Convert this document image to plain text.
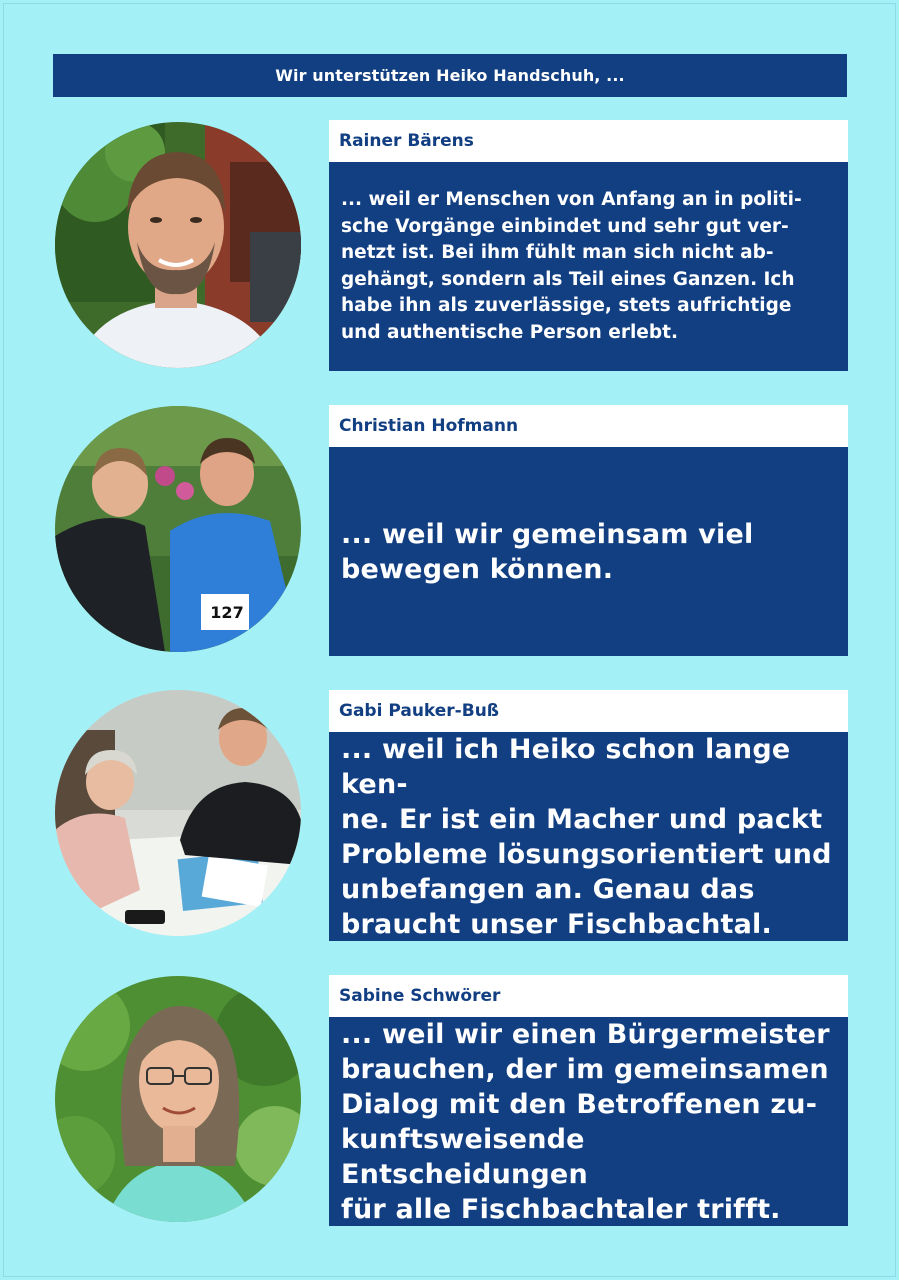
Wir unterstützen Heiko Handschuh, ...
Rainer Bärens
... weil er Menschen von Anfang an in politi-
sche Vorgänge einbindet und sehr gut ver-
netzt ist. Bei ihm fühlt man sich nicht ab-
gehängt, sondern als Teil eines Ganzen. Ich
habe ihn als zuverlässige, stets aufrichtige
und authentische Person erlebt.
127
Christian Hofmann
... weil wir gemeinsam viel
bewegen können.
Gabi Pauker-Buß
... weil ich Heiko schon lange ken-
ne. Er ist ein Macher und packt
Probleme lösungsorientiert und
unbefangen an. Genau das
braucht unser Fischbachtal.
Sabine Schwörer
... weil wir einen Bürgermeister
brauchen, der im gemeinsamen
Dialog mit den Betroffenen zu-
kunftsweisende Entscheidungen
für alle Fischbachtaler trifft.
